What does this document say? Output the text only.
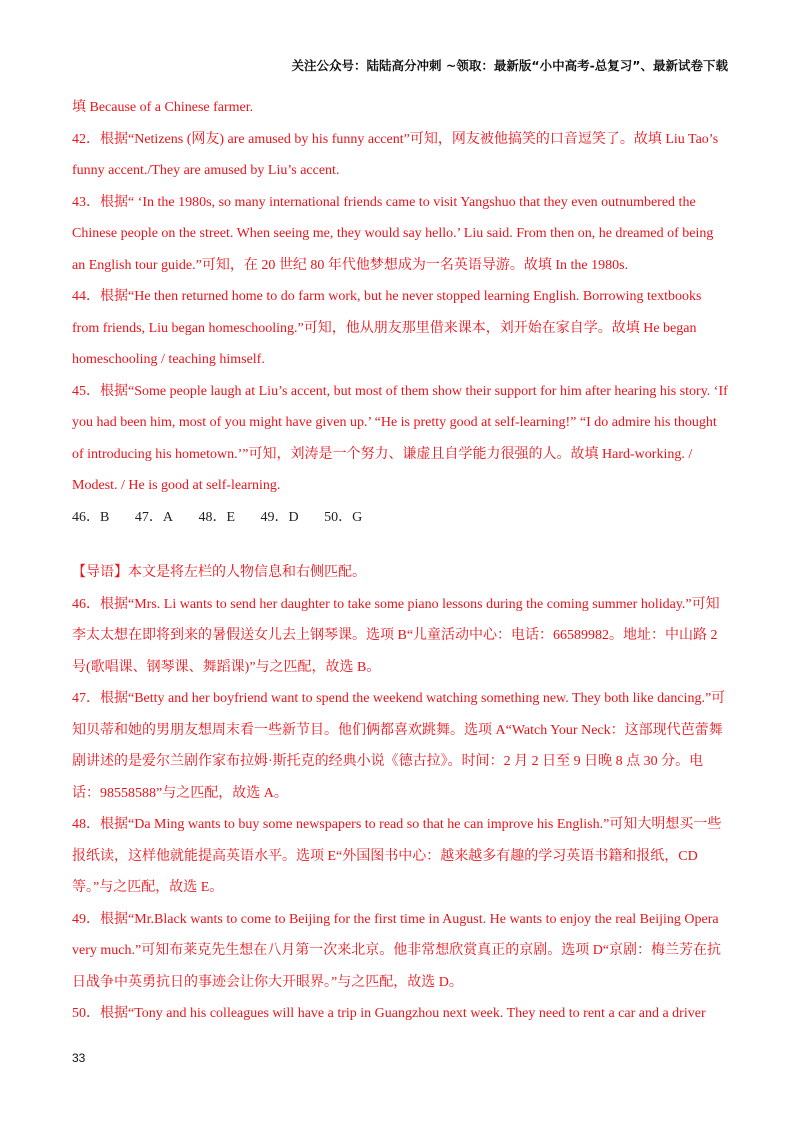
关注公众号：陆陆高分冲刺 ~领取：最新版“小中高考-总复习”、最新试卷下载

填 Because of a Chinese farmer.

42．根据“Netizens (网友) are amused by his funny accent”可知，网友被他搞笑的口音逗笑了。故填 Liu Tao’s funny accent./They are amused by Liu’s accent.

43．根据“ ‘In the 1980s, so many international friends came to visit Yangshuo that they even outnumbered the Chinese people on the street. When seeing me, they would say hello.’ Liu said. From then on, he dreamed of being an English tour guide.”可知，在 20 世纪 80 年代他梦想成为一名英语导游。故填 In the 1980s.

44．根据“He then returned home to do farm work, but he never stopped learning English. Borrowing textbooks from friends, Liu began homeschooling.”可知，他从朋友那里借来课本，刘开始在家自学。故填 He began homeschooling / teaching himself.

45．根据“Some people laugh at Liu’s accent, but most of them show their support for him after hearing his story. ‘If you had been him, most of you might have given up.’ “He is pretty good at self-learning!” “I do admire his thought of introducing his hometown.’”可知，刘涛是一个努力、谦虚且自学能力很强的人。故填 Hard-working. / Modest. / He is good at self-learning.

46．B 47．A 48．E 49．D 50．G

【导语】本文是将左栏的人物信息和右侧匹配。

46．根据“Mrs. Li wants to send her daughter to take some piano lessons during the coming summer holiday.”可知李太太想在即将到来的暑假送女儿去上钢琴课。选项 B“儿童活动中心：电话：66589982。地址：中山路 2 号(歌唱课、钢琴课、舞蹈课)”与之匹配，故选 B。

47．根据“Betty and her boyfriend want to spend the weekend watching something new. They both like dancing.”可知贝蒂和她的男朋友想周末看一些新节目。他们俩都喜欢跳舞。选项 A“Watch Your Neck：这部现代芭蕾舞剧讲述的是爱尔兰剧作家布拉姆·斯托克的经典小说《德古拉》。时间：2 月 2 日至 9 日晚 8 点 30 分。电话：98558588”与之匹配，故选 A。

48．根据“Da Ming wants to buy some newspapers to read so that he can improve his English.”可知大明想买一些报纸读，这样他就能提高英语水平。选项 E“外国图书中心：越来越多有趣的学习英语书籍和报纸，CD 等。”与之匹配，故选 E。

49．根据“Mr.Black wants to come to Beijing for the first time in August. He wants to enjoy the real Beijing Opera very much.”可知布莱克先生想在八月第一次来北京。他非常想欣赏真正的京剧。选项 D“京剧：梅兰芳在抗日战争中英勇抗日的事迹会让你大开眼界。”与之匹配，故选 D。

50．根据“Tony and his colleagues will have a trip in Guangzhou next week. They need to rent a car and a driver

33
